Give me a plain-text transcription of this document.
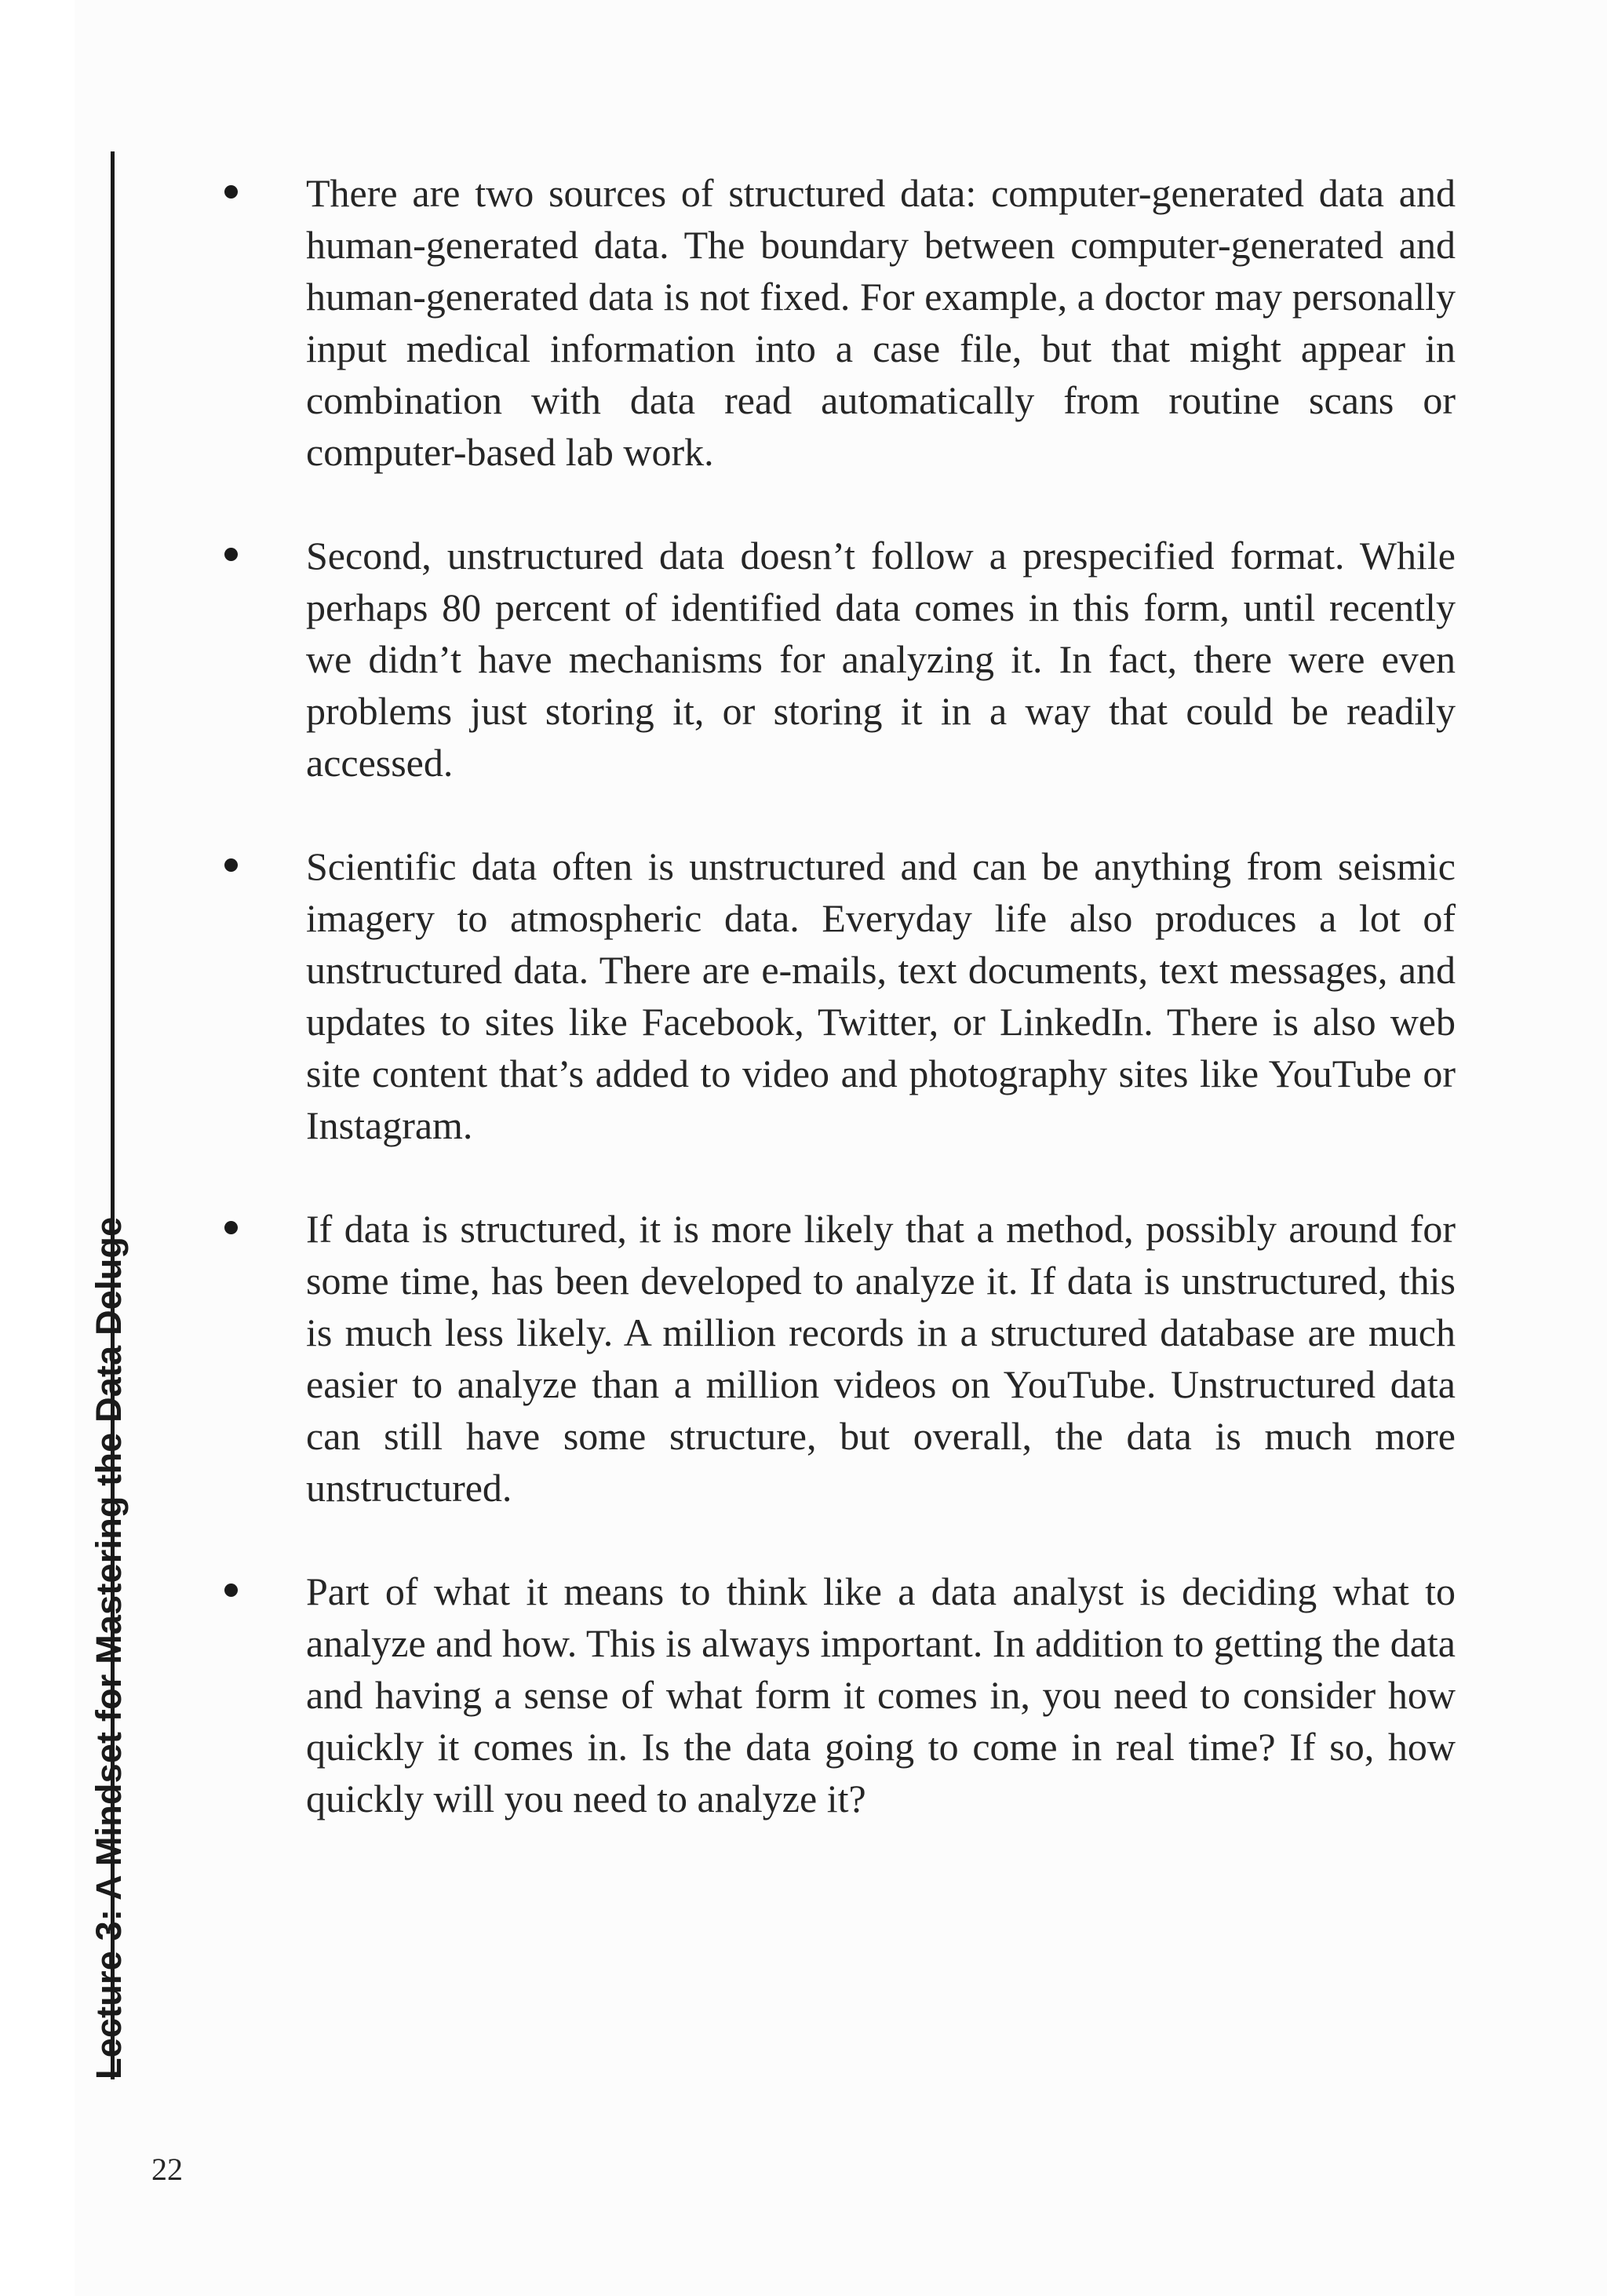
Lecture 3: A Mindset for Mastering the Data Deluge

There are two sources of structured data: computer-generated data and human-generated data. The boundary between computer-generated and human-generated data is not fixed. For example, a doctor may personally input medical information into a case file, but that might appear in combination with data read automatically from routine scans or computer-based lab work.

Second, unstructured data doesn’t follow a prespecified format. While perhaps 80 percent of identified data comes in this form, until recently we didn’t have mechanisms for analyzing it. In fact, there were even problems just storing it, or storing it in a way that could be readily accessed.

Scientific data often is unstructured and can be anything from seismic imagery to atmospheric data. Everyday life also produces a lot of unstructured data. There are e-mails, text documents, text messages, and updates to sites like Facebook, Twitter, or LinkedIn. There is also web site content that’s added to video and photography sites like YouTube or Instagram.

If data is structured, it is more likely that a method, possibly around for some time, has been developed to analyze it. If data is unstructured, this is much less likely. A million records in a structured database are much easier to analyze than a million videos on YouTube. Unstructured data can still have some structure, but overall, the data is much more unstructured.

Part of what it means to think like a data analyst is deciding what to analyze and how. This is always important. In addition to getting the data and having a sense of what form it comes in, you need to consider how quickly it comes in. Is the data going to come in real time? If so, how quickly will you need to analyze it?

22
